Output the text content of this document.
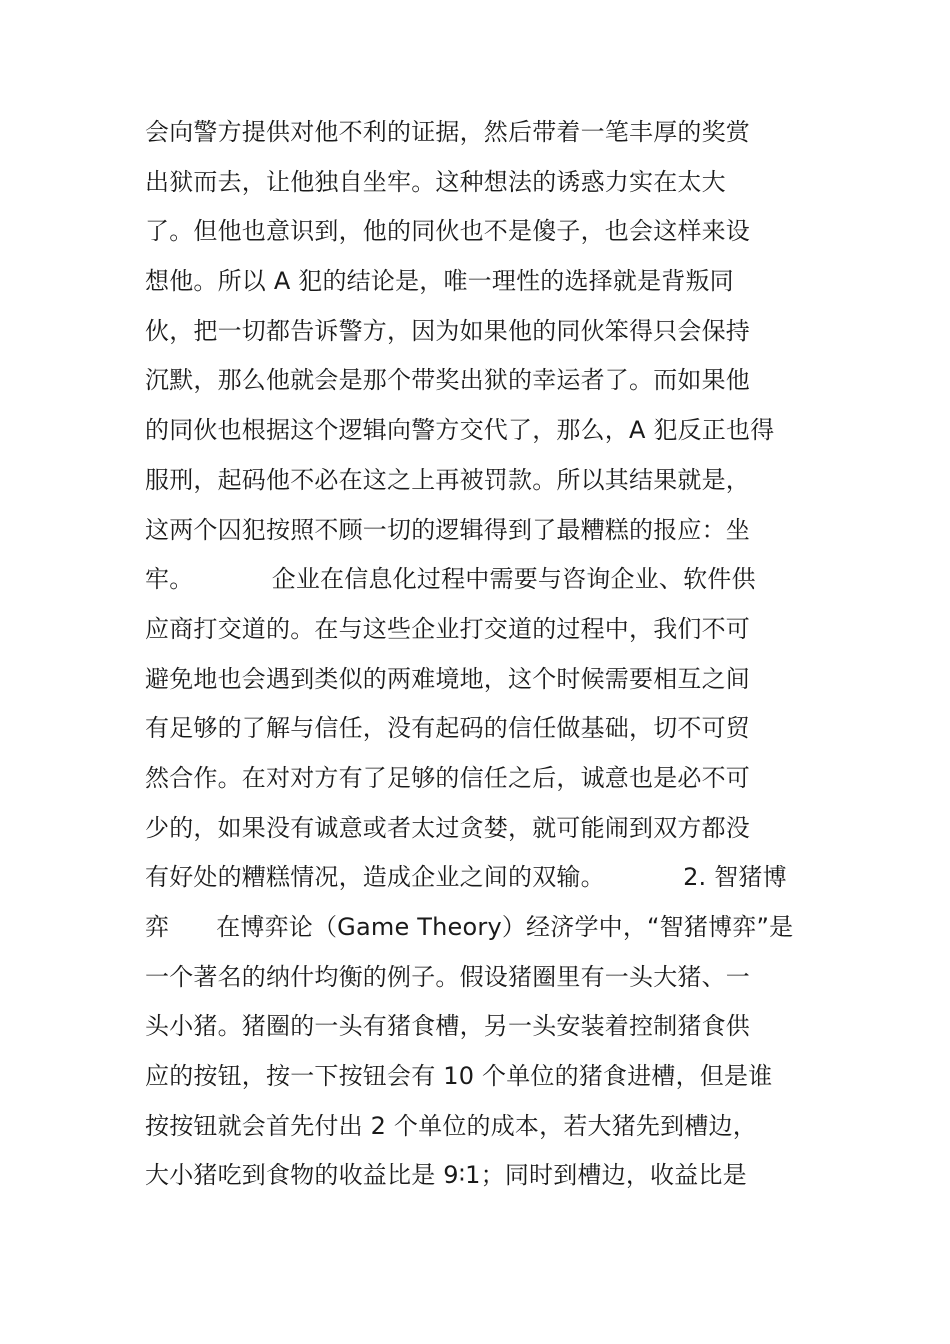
会向警方提供对他不利的证据，然后带着一笔丰厚的奖赏
出狱而去，让他独自坐牢。这种想法的诱惑力实在太大
了。但他也意识到，他的同伙也不是傻子，也会这样来设
想他。所以 A 犯的结论是，唯一理性的选择就是背叛同
伙，把一切都告诉警方，因为如果他的同伙笨得只会保持
沉默，那么他就会是那个带奖出狱的幸运者了。而如果他
的同伙也根据这个逻辑向警方交代了，那么，A 犯反正也得
服刑，起码他不必在这之上再被罚款。所以其结果就是，
这两个囚犯按照不顾一切的逻辑得到了最糟糕的报应：坐
牢。          企业在信息化过程中需要与咨询企业、软件供
应商打交道的。在与这些企业打交道的过程中，我们不可
避免地也会遇到类似的两难境地，这个时候需要相互之间
有足够的了解与信任，没有起码的信任做基础，切不可贸
然合作。在对对方有了足够的信任之后，诚意也是必不可
少的，如果没有诚意或者太过贪婪，就可能闹到双方都没
有好处的糟糕情况，造成企业之间的双输。          2. 智猪博
弈      在博弈论（Game Theory）经济学中，“智猪博弈”是
一个著名的纳什均衡的例子。假设猪圈里有一头大猪、一
头小猪。猪圈的一头有猪食槽，另一头安装着控制猪食供
应的按钮，按一下按钮会有 10 个单位的猪食进槽，但是谁
按按钮就会首先付出 2 个单位的成本，若大猪先到槽边，
大小猪吃到食物的收益比是 9∶1；同时到槽边，收益比是
